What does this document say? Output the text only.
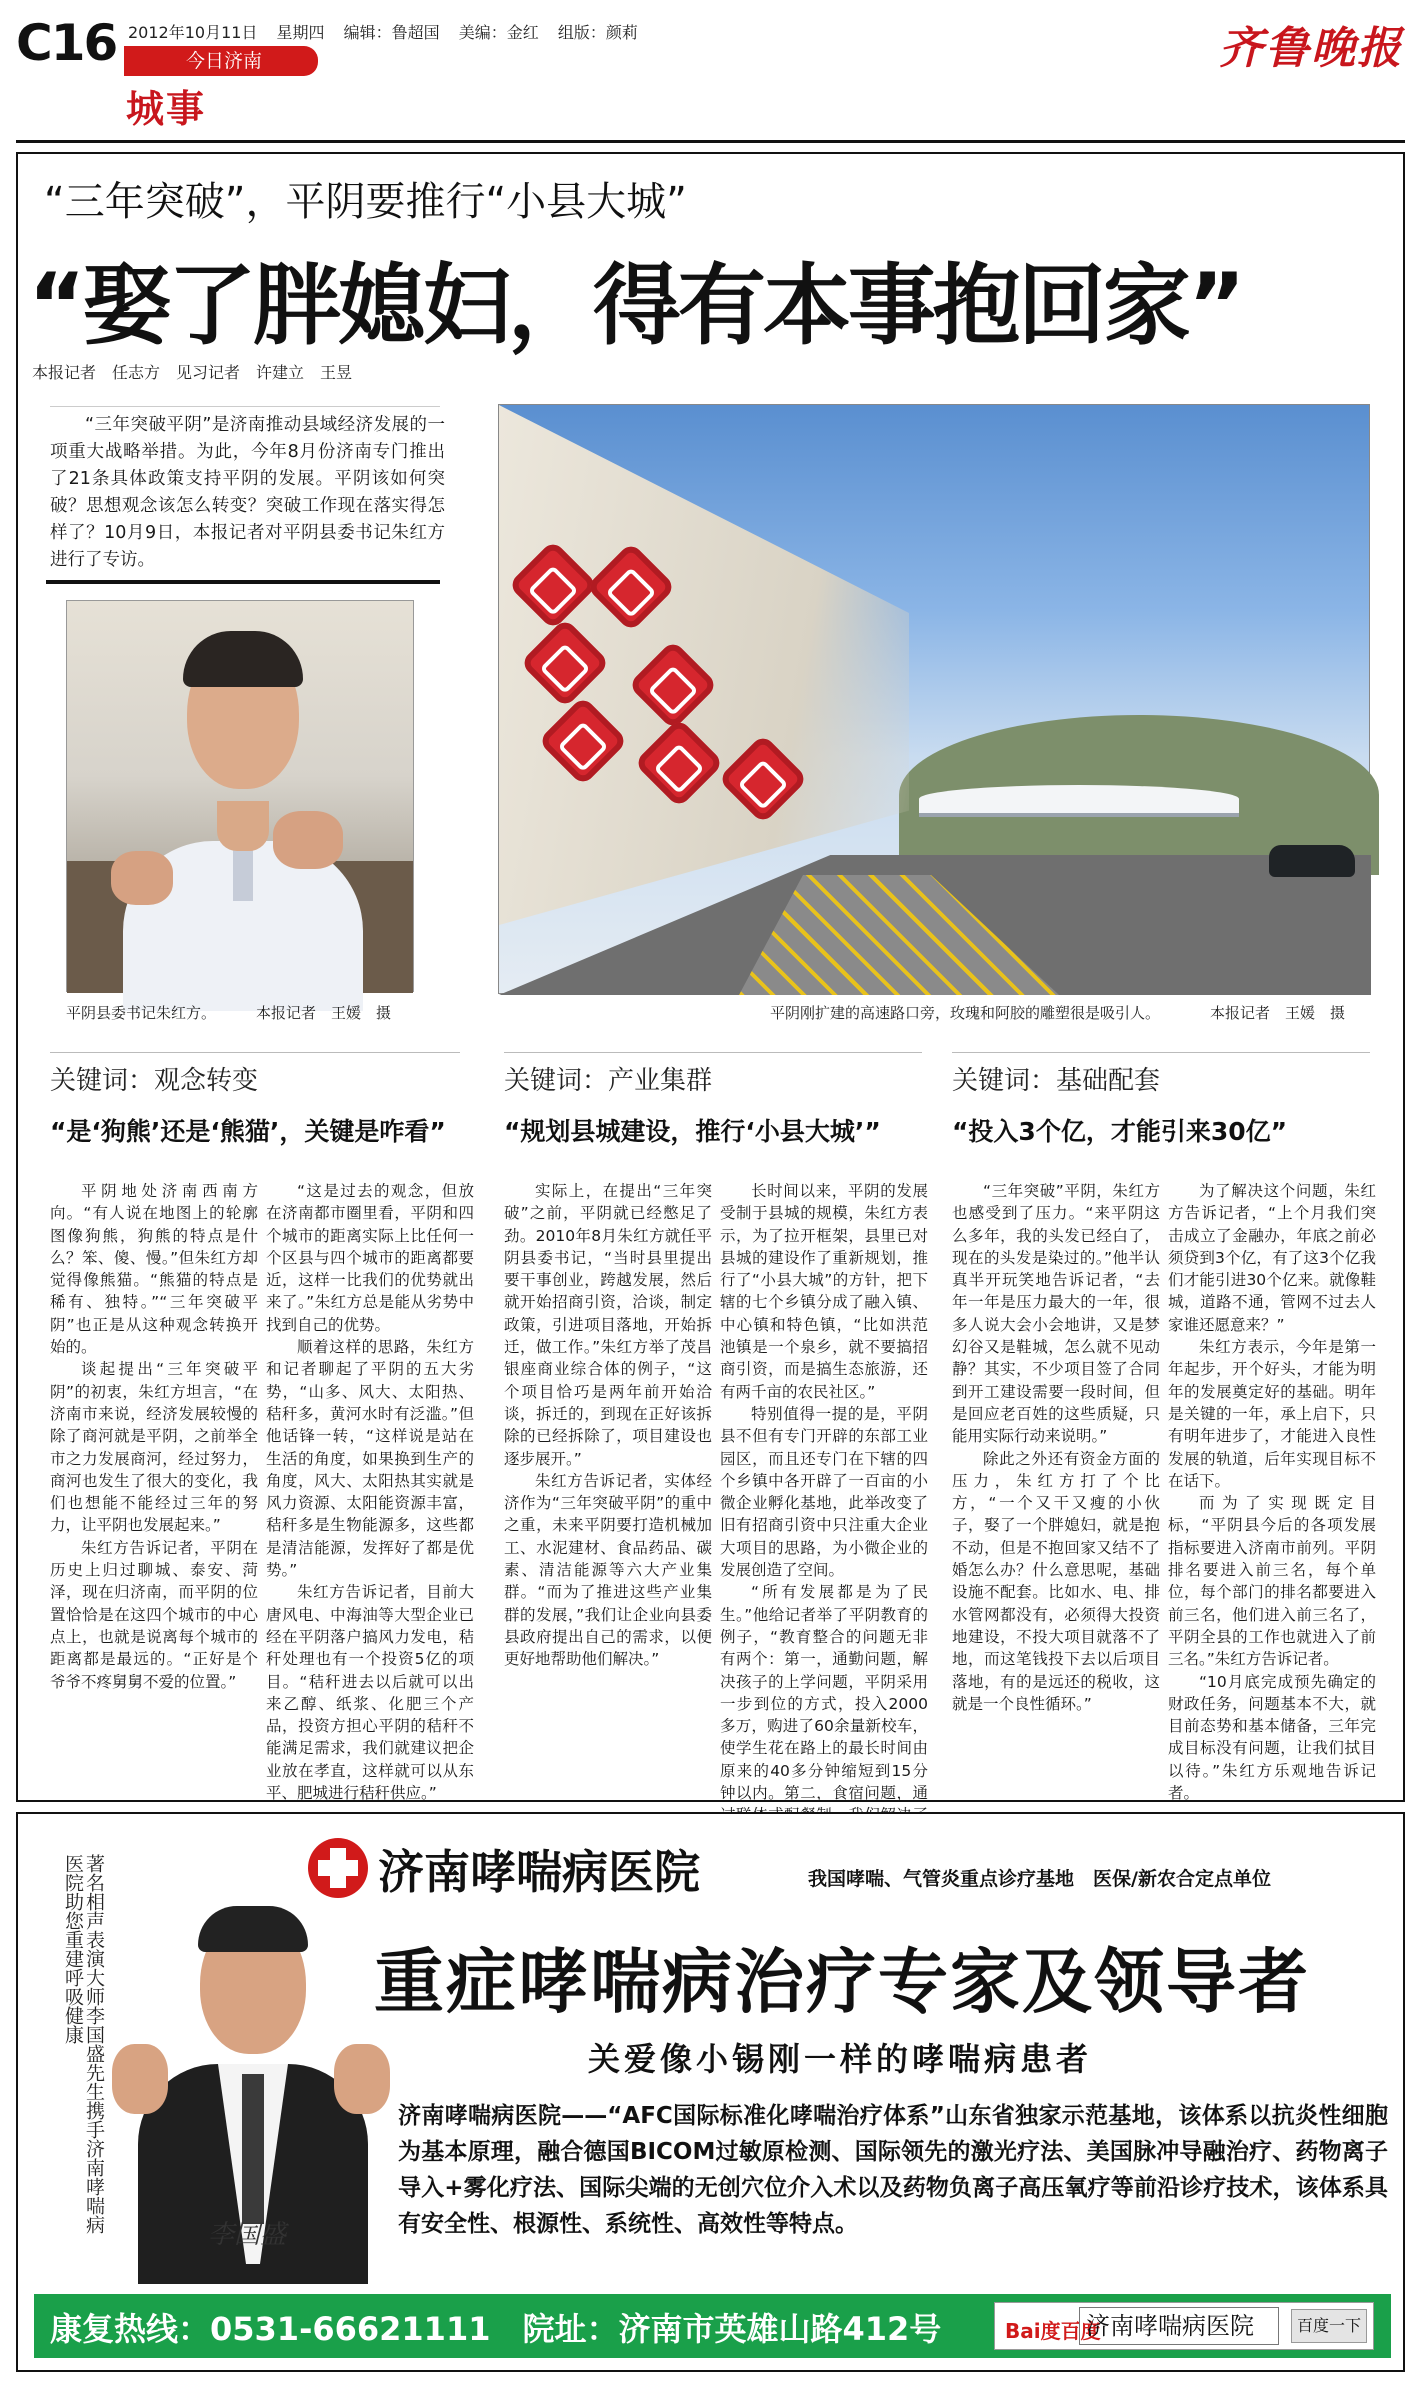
C16 2012年10月11日 星期四 编辑：鲁超国 美编：金红 组版：颜莉
今日济南
城事
齐鲁晚报
“三年突破”，平阴要推行“小县大城”
“娶了胖媳妇，得有本事抱回家”
本报记者　任志方　见习记者　许建立　王昱

“三年突破平阴”是济南推动县域经济发展的一项重大战略举措。为此，今年8月份济南专门推出了21条具体政策支持平阴的发展。平阴该如何突破？思想观念该怎么转变？突破工作现在落实得怎样了？10月9日，本报记者对平阴县委书记朱红方进行了专访。

平阴县委书记朱红方。	本报记者　王媛　摄	平阴刚扩建的高速路口旁，玫瑰和阿胶的雕塑很是吸引人。	本报记者　王媛　摄
关键词：观念转变
“是‘狗熊’还是‘熊猫’，关键是咋看”

平阴地处济南西南方向。“有人说在地图上的轮廓图像狗熊，狗熊的特点是什么？笨、傻、慢。”但朱红方却觉得像熊猫。“熊猫的特点是稀有、独特。”“三年突破平阴”也正是从这种观念转换开始的。

谈起提出“三年突破平阴”的初衷，朱红方坦言，“在济南市来说，经济发展较慢的除了商河就是平阴，之前举全市之力发展商河，经过努力，商河也发生了很大的变化，我们也想能不能经过三年的努力，让平阴也发展起来。”

朱红方告诉记者，平阴在历史上归过聊城、泰安、菏泽，现在归济南，而平阴的位置恰恰是在这四个城市的中心点上，也就是说离每个城市的距离都是最远的。“正好是个爷爷不疼舅舅不爱的位置。”

“这是过去的观念，但放在济南都市圈里看，平阴和四个城市的距离实际上比任何一个区县与四个城市的距离都要近，这样一比我们的优势就出来了。”朱红方总是能从劣势中找到自己的优势。

顺着这样的思路，朱红方和记者聊起了平阴的五大劣势，“山多、风大、太阳热、秸秆多，黄河水时有泛滥。”但他话锋一转，“这样说是站在生活的角度，如果换到生产的角度，风大、太阳热其实就是风力资源、太阳能资源丰富，秸秆多是生物能源多，这些都是清洁能源，发挥好了都是优势。”

朱红方告诉记者，目前大唐风电、中海油等大型企业已经在平阴落户搞风力发电，秸秆处理也有一个投资5亿的项目。“秸秆进去以后就可以出来乙醇、纸浆、化肥三个产品，投资方担心平阴的秸秆不能满足需求，我们就建议把企业放在孝直，这样就可以从东平、肥城进行秸秆供应。”

关键词：产业集群
“规划县城建设，推行‘小县大城’”

实际上，在提出“三年突破”之前，平阴就已经憋足了劲。2010年8月朱红方就任平阴县委书记，“当时县里提出要干事创业，跨越发展，然后就开始招商引资，洽谈，制定政策，引进项目落地，开始拆迁，做工作。”朱红方举了茂昌银座商业综合体的例子，“这个项目恰巧是两年前开始洽谈，拆迁的，到现在正好该拆除的已经拆除了，项目建设也逐步展开。”

朱红方告诉记者，实体经济作为“三年突破平阴”的重中之重，未来平阴要打造机械加工、水泥建材、食品药品、碳素、清洁能源等六大产业集群。“而为了推进这些产业集群的发展，”我们让企业向县委县政府提出自己的需求，以便更好地帮助他们解决。”

长时间以来，平阴的发展受制于县城的规模，朱红方表示，为了拉开框架，县里已对县城的建设作了重新规划，推行了“小县大城”的方针，把下辖的七个乡镇分成了融入镇、中心镇和特色镇，“比如洪范池镇是一个泉乡，就不要搞招商引资，而是搞生态旅游，还有两千亩的农民社区。”

特别值得一提的是，平阴县不但有专门开辟的东部工业园区，而且还专门在下辖的四个乡镇中各开辟了一百亩的小微企业孵化基地，此举改变了旧有招商引资中只注重大企业大项目的思路，为小微企业的发展创造了空间。

“所有发展都是为了民生。”他给记者举了平阴教育的例子，“教育整合的问题无非有两个：第一，通勤问题，解决孩子的上学问题，平阴采用一步到位的方式，投入2000多万，购进了60余量新校车，使学生花在路上的最长时间由原来的40多分钟缩短到15分钟以内。第二，食宿问题，通

关键词：基础配套
“投入3个亿，才能引来30亿”

“三年突破”平阴，朱红方也感受到了压力。“来平阴这么多年，我的头发已经白了，现在的头发是染过的。”他半认真半开玩笑地告诉记者，“去年一年是压力最大的一年，很多人说大会小会地讲，又是梦幻谷又是鞋城，怎么就不见动静？其实，不少项目签了合同到开工建设需要一段时间，但是回应老百姓的这些质疑，只能用实际行动来说明。”

除此之外还有资金方面的压力，朱红方打了个比方，“一个又干又瘦的小伙子，娶了一个胖媳妇，就是抱不动，但是不抱回家又结不了婚怎么办？什么意思呢，基础设施不配套。比如水、电、排水管网都没有，必须得大投资地建设，不投大项目就落不了地，而这笔钱投下去以后项目落地，有的是远还的税收，这就是一个良性循环。”

为了解决这个问题，朱红方告诉记者，“上个月我们突击成立了金融办，年底之前必须贷到3个亿，有了这3个亿我们才能引进30个亿来。就像鞋城，道路不通，管网不过去人家谁还愿意来？”

朱红方表示，今年是第一年起步，开个好头，才能为明年的发展奠定好的基础。明年是关键的一年，承上启下，只有明年进步了，才能进入良性发展的轨道，后年实现目标不在话下。

而为了实现既定目标，“平阴县今后的各项发展指标要进入济南市前列。平阴排名要进入前三名，每个单位，每个部门的排名都要进入前三名，他们进入前三名了，平阴全县的工作也就进入了前三名。”朱红方告诉记者。

“10月底完成预先确定的财政任务，问题基本不大，就目前态势和基本储备，三年完成目标没有问题，让我们拭目以待。”朱红方乐观地告诉记者。

著名相声表演大师李国盛先生携手济南哮喘病医院助您重建呼吸健康
李国盛
济南哮喘病医院	我国哮喘、气管炎重点诊疗基地　医保/新农合定点单位
重症哮喘病治疗专家及领导者
关爱像小锡刚一样的哮喘病患者

济南哮喘病医院——“AFC国际标准化哮喘治疗体系”山东省独家示范基地，该体系以抗炎性细胞为基本原理，融合德国BICOM过敏原检测、国际领先的激光疗法、美国脉冲导融治疗、药物离子导入+雾化疗法、国际尖端的无创穴位介入术以及药物负离子高压氧疗等前沿诊疗技术，该体系具有安全性、根源性、系统性、高效性等特点。

康复热线：0531-66621111　院址：济南市英雄山路412号	Bai度百度
济南哮喘病医院	百度一下
